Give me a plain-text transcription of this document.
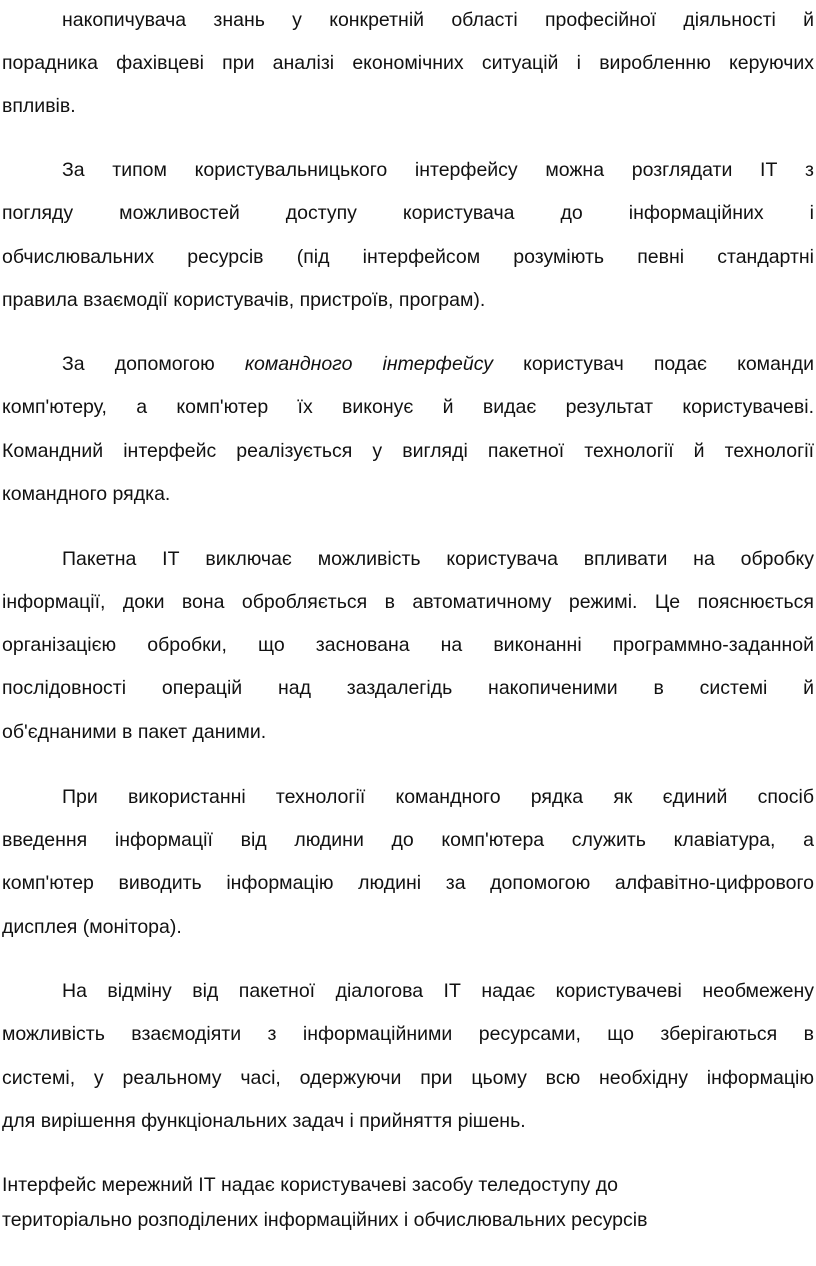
накопичувача знань у конкретній області професійної діяльності й
порадника фахівцеві при аналізі економічних ситуацій і виробленню керуючих
впливів.
За типом користувальницького інтерфейсу можна розглядати ІТ з
погляду можливостей доступу користувача до інформаційних і
обчислювальних ресурсів (під інтерфейсом розуміють певні стандартні
правила взаємодії користувачів, пристроїв, програм).
За допомогою командного інтерфейсу користувач подає команди
комп'ютеру, а комп'ютер їх виконує й видає результат користувачеві.
Командний інтерфейс реалізується у вигляді пакетної технології й технології
командного рядка.
Пакетна ІТ виключає можливість користувача впливати на обробку
інформації, доки вона обробляється в автоматичному режимі. Це пояснюється
організацією обробки, що заснована на виконанні программно-заданной
послідовності операцій над заздалегідь накопиченими в системі й
об'єднаними в пакет даними.
При використанні технології командного рядка як єдиний спосіб
введення інформації від людини до комп'ютера служить клавіатура, а
комп'ютер виводить інформацію людині за допомогою алфавітно-цифрового
дисплея (монітора).
На відміну від пакетної діалогова ІТ надає користувачеві необмежену
можливість взаємодіяти з інформаційними ресурсами, що зберігаються в
системі, у реальному часі, одержуючи при цьому всю необхідну інформацію
для вирішення функціональних задач і прийняття рішень.
Інтерфейс мережний ІТ надає користувачеві засобу теледоступу до
територіально розподілених інформаційних і обчислювальних ресурсів
